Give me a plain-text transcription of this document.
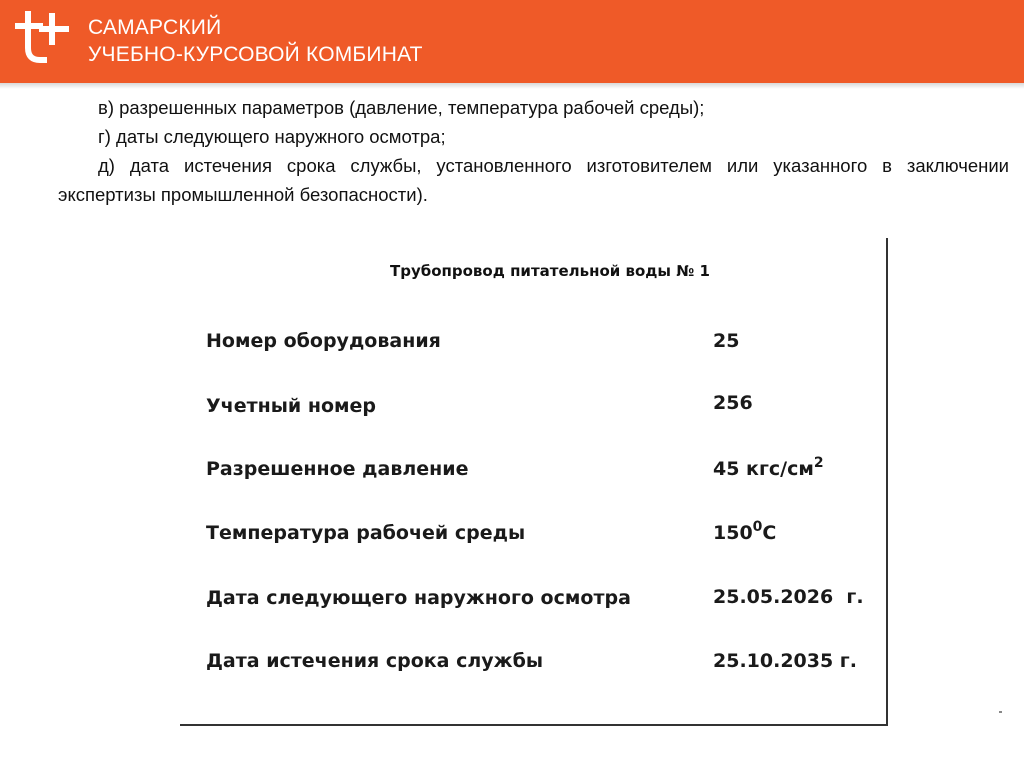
САМАРСКИЙ
УЧЕБНО-КУРСОВОЙ КОМБИНАТ

в) разрешенных параметров (давление, температура рабочей среды);

г) даты следующего наружного осмотра;

д) дата истечения срока службы, установленного изготовителем или указанного в заключении экспертизы промышленной безопасности).

Трубопровод питательной воды № 1
Номер оборудования	25
Учетный номер	256
Разрешенное давление	45 кгс/$см^2$
Температура рабочей среды	$150^0С$
Дата следующего наружного осмотра	25.05.2026  г.
Дата истечения срока службы	25.10.2035 г.
